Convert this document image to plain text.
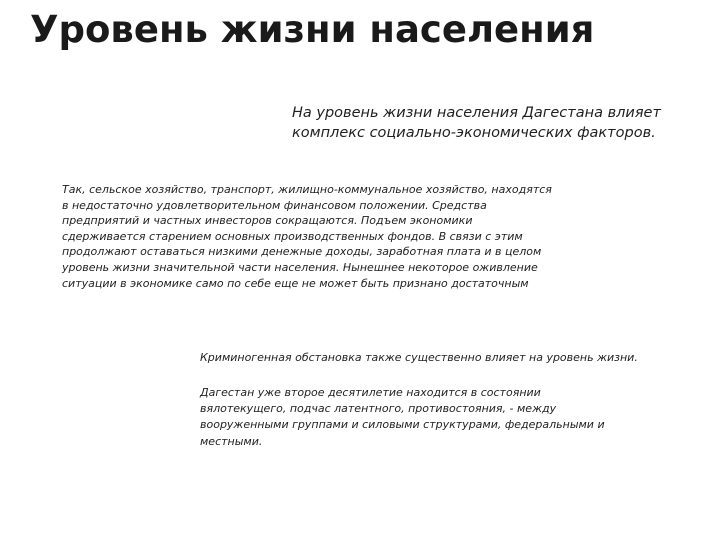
Уровень жизни населения

На уровень жизни населения Дагестана влияет комплекс социально-экономических факторов.

Так, сельское хозяйство, транспорт, жилищно-коммунальное хозяйство, находятся в недостаточно удовлетворительном финансовом положении. Средства предприятий и частных инвесторов сокращаются. Подъем экономики сдерживается старением основных производственных фондов. В связи с этим продолжают оставаться низкими денежные доходы, заработная плата и в целом уровень жизни значительной части населения. Нынешнее некоторое оживление ситуации в экономике само по себе еще не может быть признано достаточным

Криминогенная обстановка также существенно влияет на уровень жизни.

Дагестан уже второе десятилетие находится в состоянии вялотекущего, подчас латентного, противостояния, - между вооруженными группами и силовыми структурами, федеральными и местными.
